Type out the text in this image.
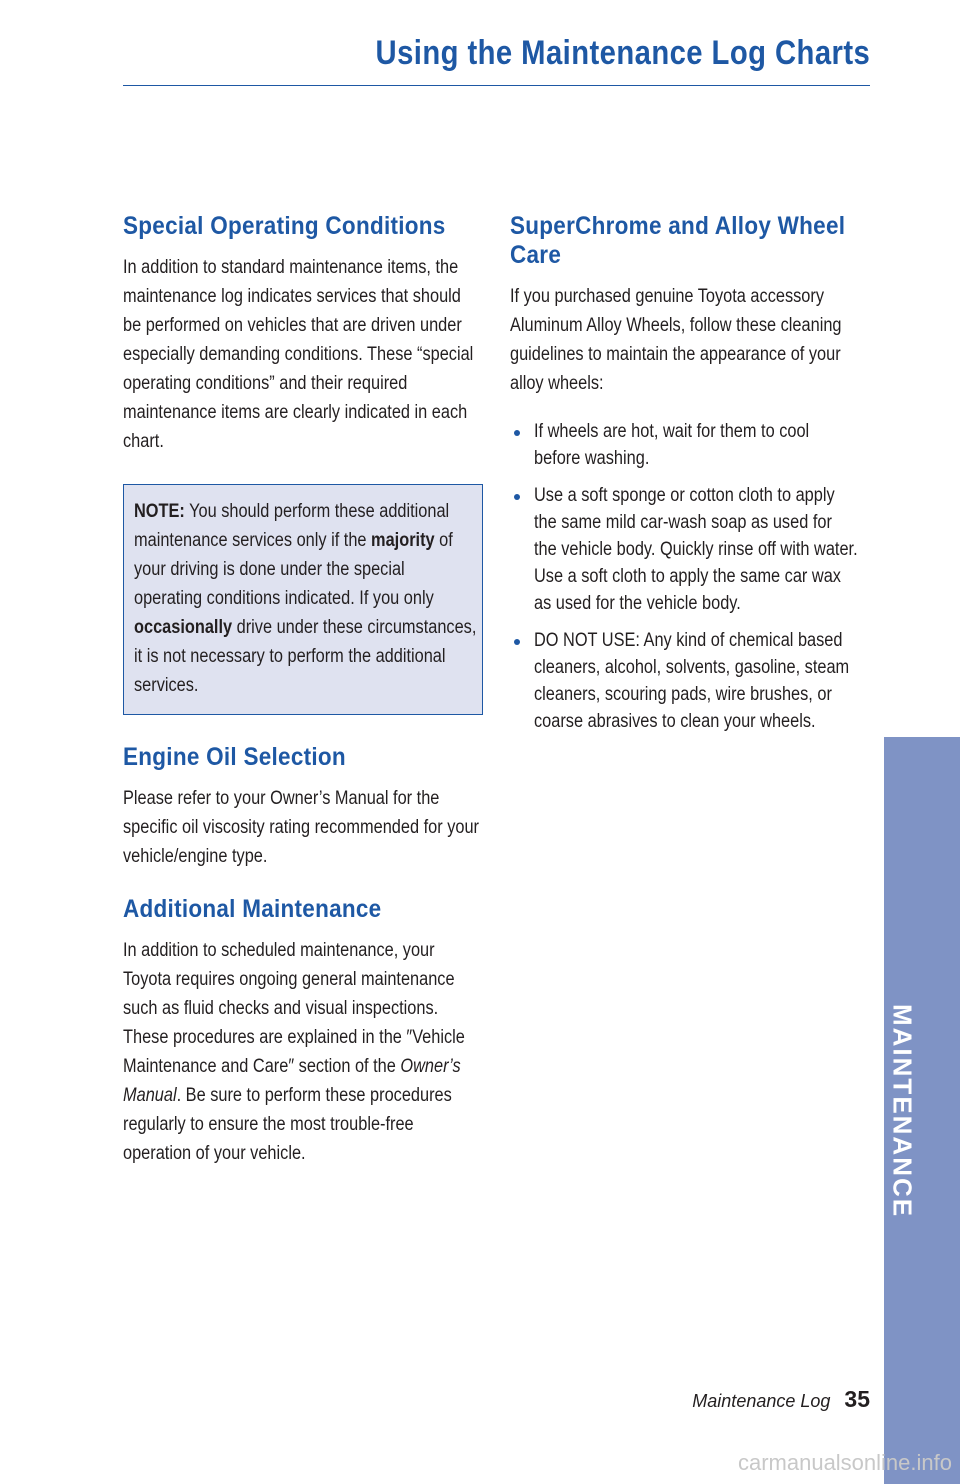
Using the Maintenance Log Charts
Special Operating Conditions

In addition to standard maintenance items, the maintenance log indicates services that should be performed on vehicles that are driven under especially demanding conditions. These “special operating conditions” and their required maintenance items are clearly indicated in each chart.

NOTE: You should perform these additional maintenance services only if the majority of your driving is done under the special operating conditions indicated. If you only occasionally drive under these circumstances, it is not necessary to perform the additional services.

Engine Oil Selection

Please refer to your Owner’s Manual for the specific oil viscosity rating recommended for your vehicle/engine type.

Additional Maintenance

In addition to scheduled maintenance, your Toyota requires ongoing general maintenance such as fluid checks and visual inspections. These procedures are explained in the ″Vehicle Maintenance and Care″ section of the Owner’s Manual. Be sure to perform these procedures regularly to ensure the most trouble-free operation of your vehicle.

SuperChrome and Alloy Wheel Care

If you purchased genuine Toyota accessory Aluminum Alloy Wheels, follow these cleaning guidelines to maintain the appearance of your alloy wheels:

If wheels are hot, wait for them to cool before washing.

Use a soft sponge or cotton cloth to apply the same mild car-wash soap as used for the vehicle body. Quickly rinse off with water. Use a soft cloth to apply the same car wax as used for the vehicle body.

DO NOT USE: Any kind of chemical based cleaners, alcohol, solvents, gasoline, steam cleaners, scouring pads, wire brushes, or coarse abrasives to clean your wheels.

MAINTENANCE
Maintenance Log 35
carmanualsonline.info
